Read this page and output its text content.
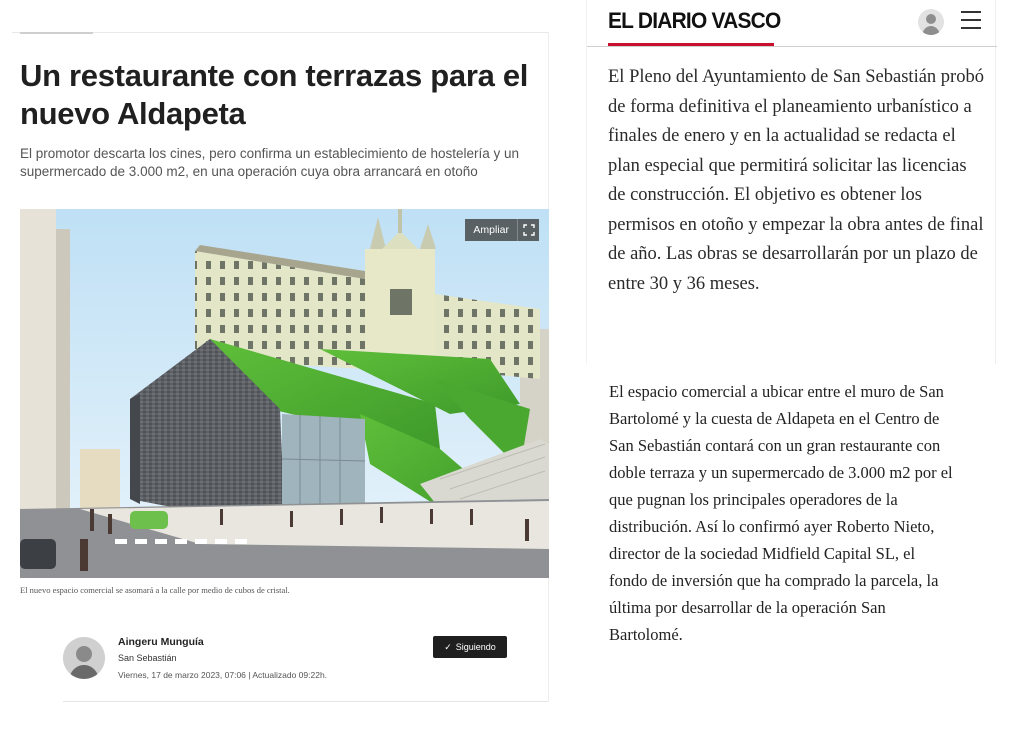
Un restaurante con terrazas para el nuevo Aldapeta

El promotor descarta los cines, pero confirma un establecimiento de hostelería y un supermercado de 3.000 m2, en una operación cuya obra arrancará en otoño

Ampliar

El nuevo espacio comercial se asomará a la calle por medio de cubos de cristal.

Aingeru Munguía
San Sebastián
Viernes, 17 de marzo 2023, 07:06 | Actualizado 09:22h.
✓ Siguiendo
EL DIARIO VASCO

El Pleno del Ayuntamiento de San Sebastián probó de forma definitiva el planeamiento urbanístico a finales de enero y en la actualidad se redacta el plan especial que permitirá solicitar las licencias de construcción. El objetivo es obtener los permisos en otoño y empezar la obra antes de final de año. Las obras se desarrollarán por un plazo de entre 30 y 36 meses.

El espacio comercial a ubicar entre el muro de San Bartolomé y la cuesta de Aldapeta en el Centro de San Sebastián contará con un gran restaurante con doble terraza y un supermercado de 3.000 m2 por el que pugnan los principales operadores de la distribución. Así lo confirmó ayer Roberto Nieto, director de la sociedad Midfield Capital SL, el fondo de inversión que ha comprado la parcela, la última por desarrollar de la operación San Bartolomé.
